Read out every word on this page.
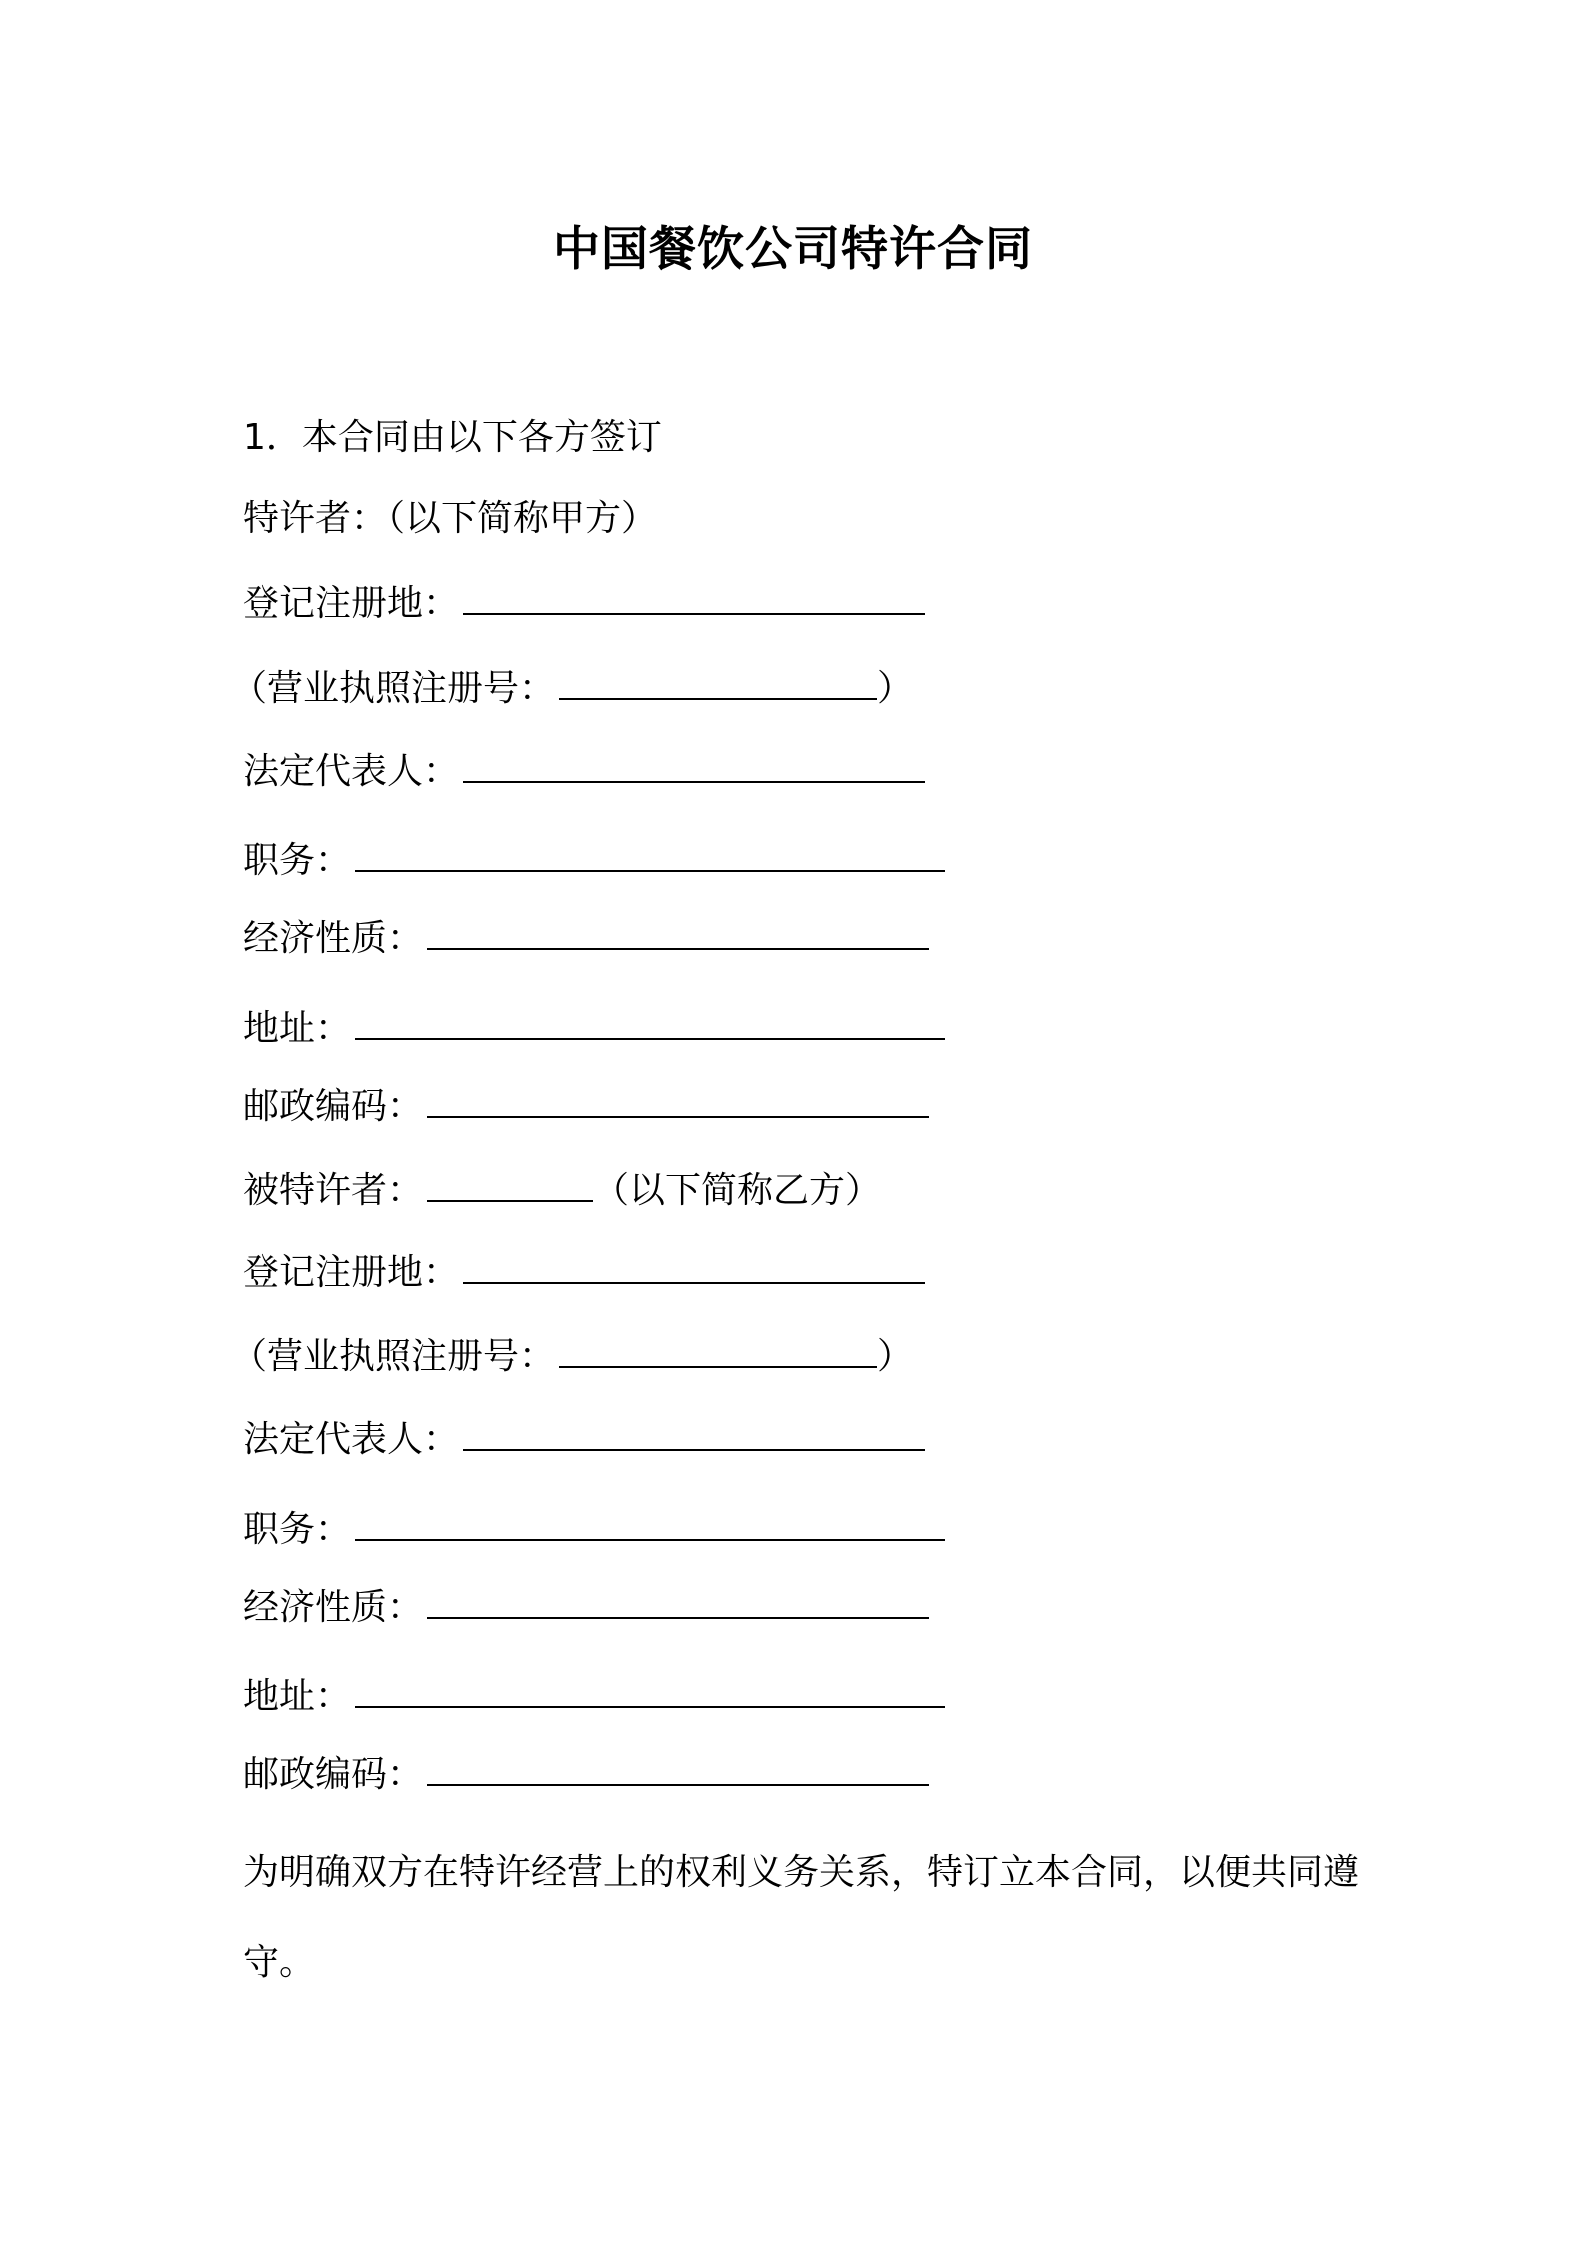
中国餐饮公司特许合同
1．本合同由以下各方签订
特许者：（以下简称甲方）
登记注册地：
（营业执照注册号：	）
法定代表人：
职务：
经济性质：
地址：
邮政编码：
被特许者：	（以下简称乙方）
登记注册地：
（营业执照注册号：	）
法定代表人：
职务：
经济性质：
地址：
邮政编码：
为明确双方在特许经营上的权利义务关系，特订立本合同，以便共同遵守。
